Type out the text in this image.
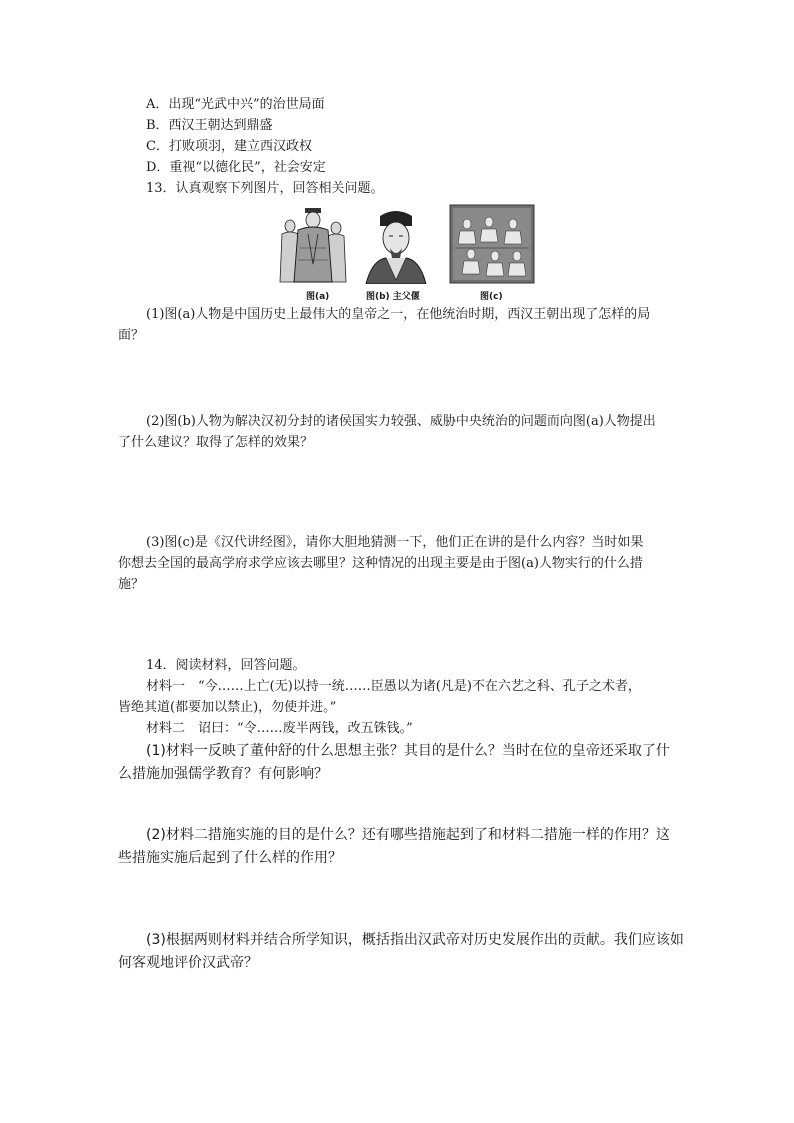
A．出现“光武中兴”的治世局面
B．西汉王朝达到鼎盛
C．打败项羽，建立西汉政权
D．重视“以德化民”，社会安定
13．认真观察下列图片，回答相关问题。
图(a)	图(b) 主父偃	图(c)
(1)图(a)人物是中国历史上最伟大的皇帝之一，在他统治时期，西汉王朝出现了怎样的局
面？
(2)图(b)人物为解决汉初分封的诸侯国实力较强、威胁中央统治的问题而向图(a)人物提出
了什么建议？取得了怎样的效果？
(3)图(c)是《汉代讲经图》，请你大胆地猜测一下，他们正在讲的是什么内容？当时如果
你想去全国的最高学府求学应该去哪里？这种情况的出现主要是由于图(a)人物实行的什么措
施？
14．阅读材料，回答问题。
材料一　“今……上亡(无)以持一统……臣愚以为诸(凡是)不在六艺之科、孔子之术者，
皆绝其道(都要加以禁止)，勿使并进。”
材料二　诏曰：“令……废半两钱，改五铢钱。”
(1)材料一反映了董仲舒的什么思想主张？其目的是什么？当时在位的皇帝还采取了什
么措施加强儒学教育？有何影响？
(2)材料二措施实施的目的是什么？还有哪些措施起到了和材料二措施一样的作用？这
些措施实施后起到了什么样的作用？
(3)根据两则材料并结合所学知识，概括指出汉武帝对历史发展作出的贡献。我们应该如
何客观地评价汉武帝？
